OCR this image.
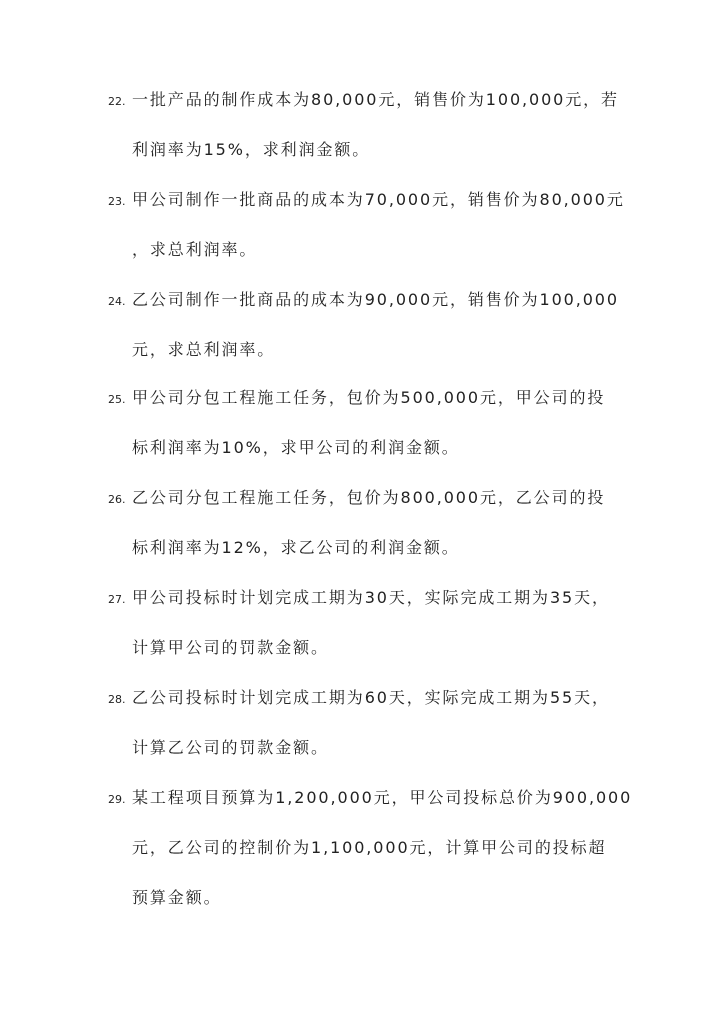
22. 一批产品的制作成本为80,000元，销售价为100,000元，若
利润率为15%，求利润金额。
23. 甲公司制作一批商品的成本为70,000元，销售价为80,000元
，求总利润率。
24. 乙公司制作一批商品的成本为90,000元，销售价为100,000
元，求总利润率。
25. 甲公司分包工程施工任务，包价为500,000元，甲公司的投
标利润率为10%，求甲公司的利润金额。
26. 乙公司分包工程施工任务，包价为800,000元，乙公司的投
标利润率为12%，求乙公司的利润金额。
27. 甲公司投标时计划完成工期为30天，实际完成工期为35天，
计算甲公司的罚款金额。
28. 乙公司投标时计划完成工期为60天，实际完成工期为55天，
计算乙公司的罚款金额。
29. 某工程项目预算为1,200,000元，甲公司投标总价为900,000
元，乙公司的控制价为1,100,000元，计算甲公司的投标超
预算金额。
